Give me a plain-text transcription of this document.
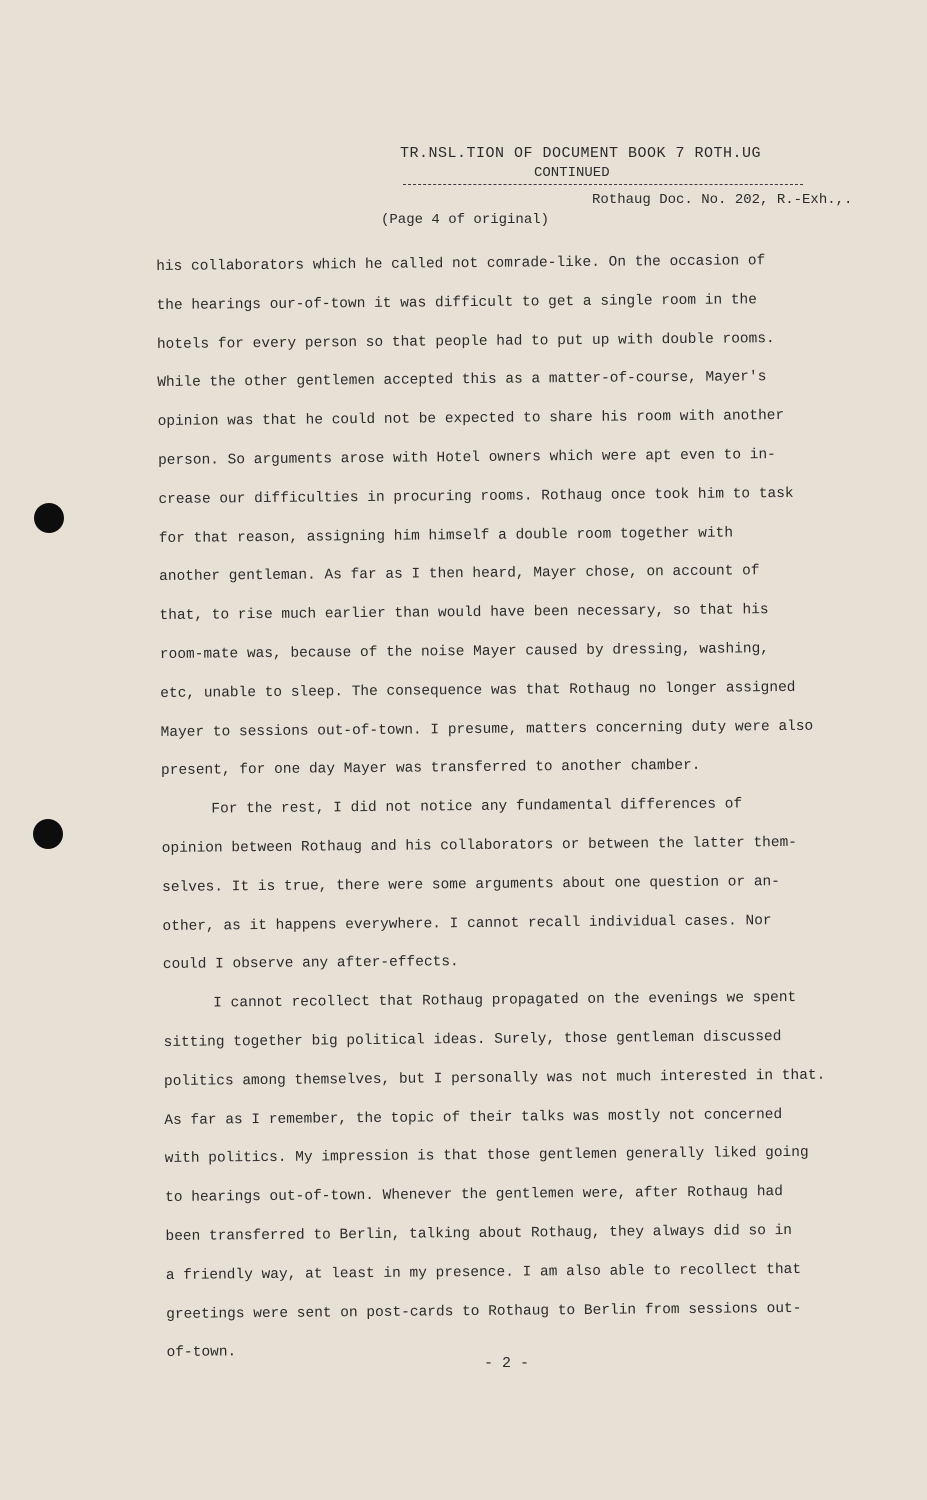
TR.NSL.TION OF DOCUMENT BOOK 7 ROTH.UG
CONTINUED
Rothaug Doc. No. 202, R.-Exh.,.
(Page 4 of original)
his collaborators which he called not comrade-like. On the occasion of
the hearings our-of-town it was difficult to get a single room in the
hotels for every person so that people had to put up with double rooms.
While the other gentlemen accepted this as a matter-of-course, Mayer's
opinion was that he could not be expected to share his room with another
person. So arguments arose with Hotel owners which were apt even to in-
crease our difficulties in procuring rooms. Rothaug once took him to task
for that reason, assigning him himself a double room together with
another gentleman. As far as I then heard, Mayer chose, on account of
that, to rise much earlier than would have been necessary, so that his
room-mate was, because of the noise Mayer caused by dressing, washing,
etc, unable to sleep. The consequence was that Rothaug no longer assigned
Mayer to sessions out-of-town. I presume, matters concerning duty were also
present, for one day Mayer was transferred to another chamber.
For the rest, I did not notice any fundamental differences of
opinion between Rothaug and his collaborators or between the latter them-
selves. It is true, there were some arguments about one question or an-
other, as it happens everywhere. I cannot recall individual cases. Nor
could I observe any after-effects.
I cannot recollect that Rothaug propagated on the evenings we spent
sitting together big political ideas. Surely, those gentleman discussed
politics among themselves, but I personally was not much interested in that.
As far as I remember, the topic of their talks was mostly not concerned
with politics. My impression is that those gentlemen generally liked going
to hearings out-of-town. Whenever the gentlemen were, after Rothaug had
been transferred to Berlin, talking about Rothaug, they always did so in
a friendly way, at least in my presence. I am also able to recollect that
greetings were sent on post-cards to Rothaug to Berlin from sessions out-
of-town.
- 2 -
